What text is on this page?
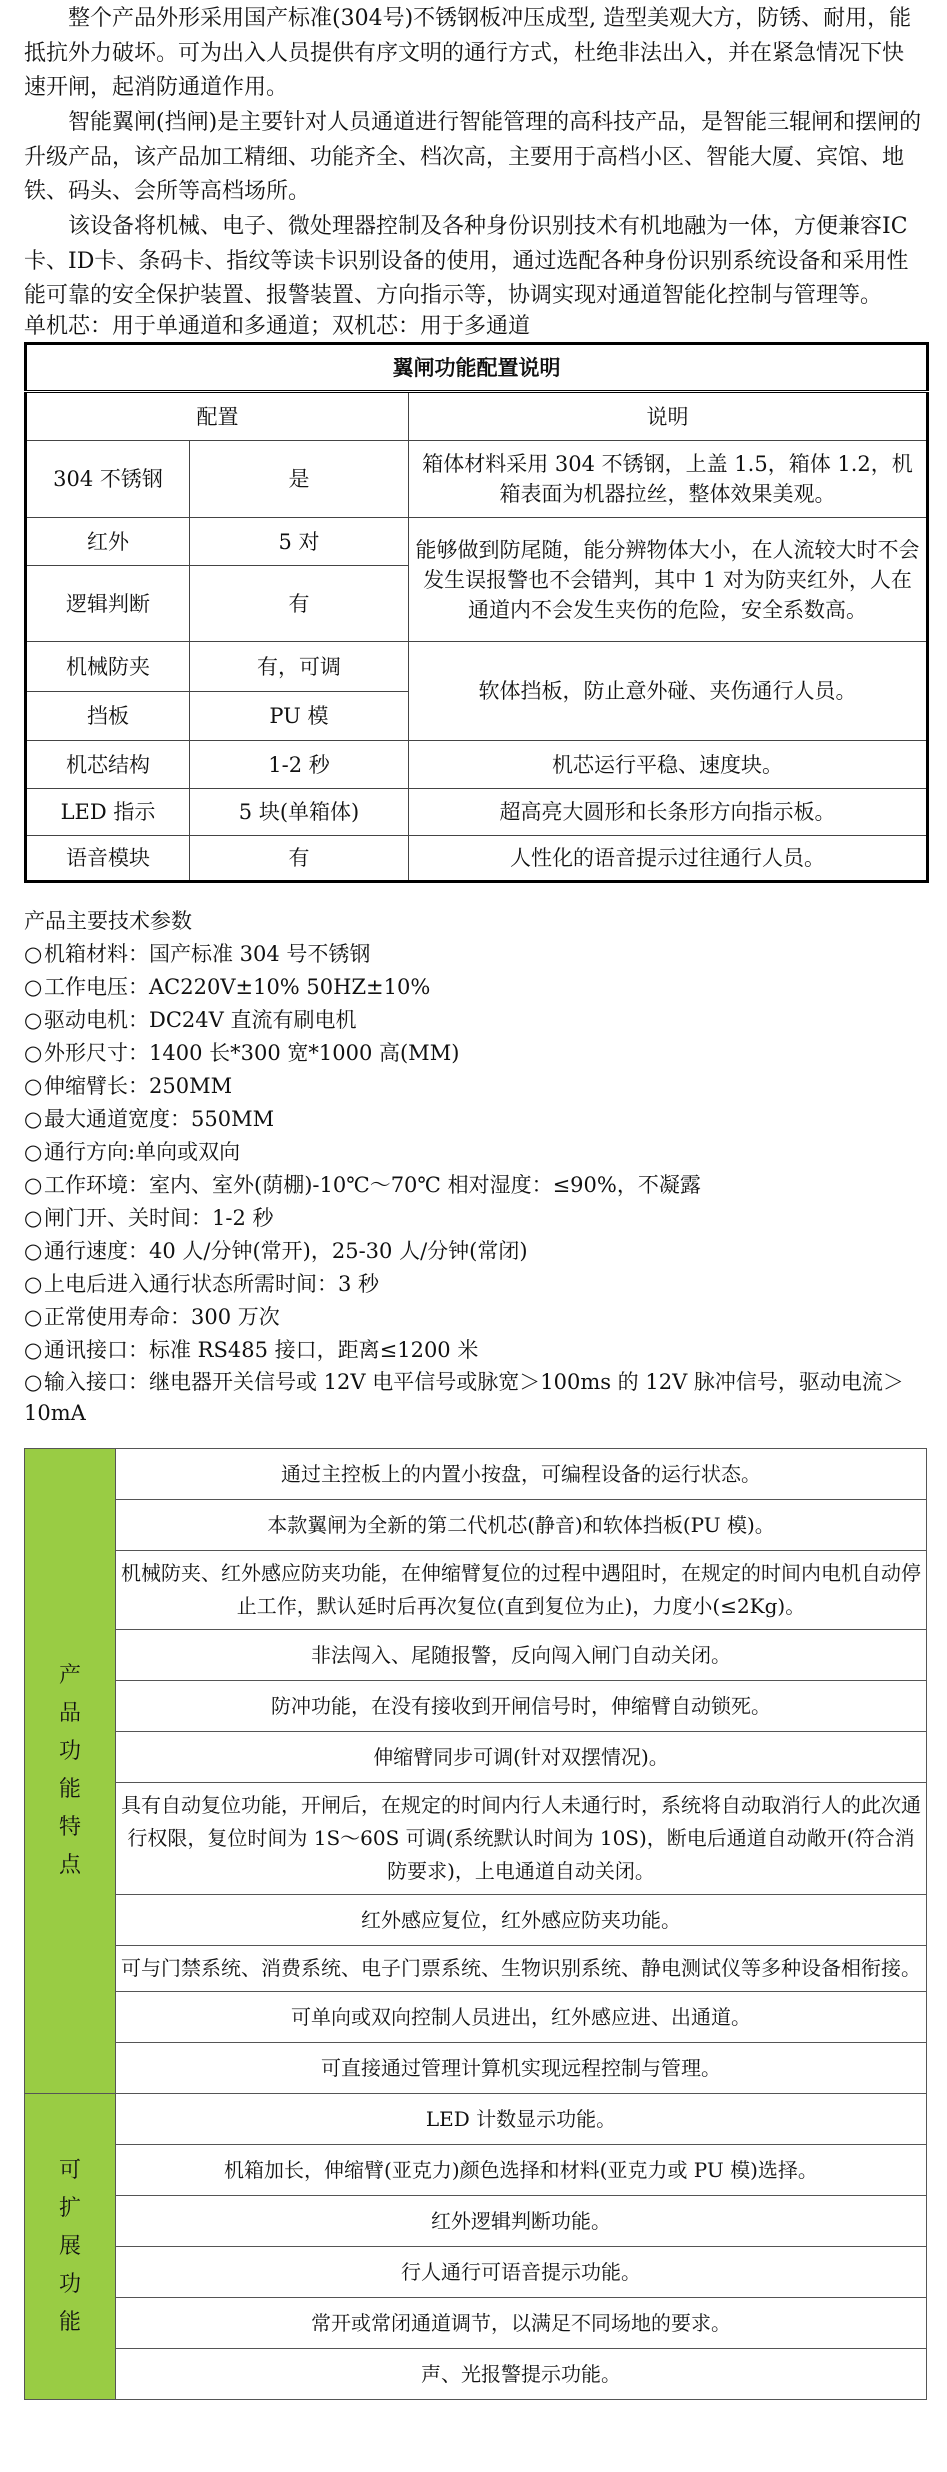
整个产品外形采用国产标准(304号)不锈钢板冲压成型, 造型美观大方，防锈、耐用，能抵抗外力破坏。可为出入人员提供有序文明的通行方式，杜绝非法出入，并在紧急情况下快速开闸，起消防通道作用。

智能翼闸(挡闸)是主要针对人员通道进行智能管理的高科技产品，是智能三辊闸和摆闸的升级产品，该产品加工精细、功能齐全、档次高，主要用于高档小区、智能大厦、宾馆、地铁、码头、会所等高档场所。

该设备将机械、电子、微处理器控制及各种身份识别技术有机地融为一体，方便兼容IC卡、ID卡、条码卡、指纹等读卡识别设备的使用，通过选配各种身份识别系统设备和采用性能可靠的安全保护装置、报警装置、方向指示等，协调实现对通道智能化控制与管理等。

单机芯：用于单通道和多通道；双机芯：用于多通道
翼闸功能配置说明		
配置		说明
304 不锈钢	是	箱体材料采用 304 不锈钢，上盖 1.5，箱体 1.2，机箱表面为机器拉丝，整体效果美观。
红外	5 对	能够做到防尾随，能分辨物体大小，在人流较大时不会发生误报警也不会错判，其中 1 对为防夹红外，人在通道内不会发生夹伤的危险，安全系数高。
逻辑判断	有	
机械防夹	有，可调	软体挡板，防止意外碰、夹伤通行人员。
挡板	PU 模	
机芯结构	1-2 秒	机芯运行平稳、速度块。
LED 指示	5 块(单箱体)	超高亮大圆形和长条形方向指示板。
语音模块	有	人性化的语音提示过往通行人员。
产品主要技术参数
○机箱材料：国产标准 304 号不锈钢
○工作电压：AC220V±10% 50HZ±10%
○驱动电机：DC24V 直流有刷电机
○外形尺寸：1400 长*300 宽*1000 高(MM)
○伸缩臂长：250MM
○最大通道宽度：550MM
○通行方向:单向或双向
○工作环境：室内、室外(荫棚)-10℃～70℃ 相对湿度：≤90%，不凝露
○闸门开、关时间：1-2 秒
○通行速度：40 人/分钟(常开)，25-30 人/分钟(常闭)
○上电后进入通行状态所需时间：3 秒
○正常使用寿命：300 万次
○通讯接口：标准 RS485 接口，距离≤1200 米
○输入接口：继电器开关信号或 12V 电平信号或脉宽＞100ms 的 12V 脉冲信号，驱动电流＞10mA
产品功能特点	通过主控板上的内置小按盘，可编程设备的运行状态。
	本款翼闸为全新的第二代机芯(静音)和软体挡板(PU 模)。
	机械防夹、红外感应防夹功能，在伸缩臂复位的过程中遇阻时，在规定的时间内电机自动停止工作，默认延时后再次复位(直到复位为止)，力度小(≤2Kg)。
	非法闯入、尾随报警，反向闯入闸门自动关闭。
	防冲功能，在没有接收到开闸信号时，伸缩臂自动锁死。
	伸缩臂同步可调(针对双摆情况)。
	具有自动复位功能，开闸后，在规定的时间内行人未通行时，系统将自动取消行人的此次通行权限，复位时间为 1S～60S 可调(系统默认时间为 10S)，断电后通道自动敞开(符合消防要求)，上电通道自动关闭。
	红外感应复位，红外感应防夹功能。
	可与门禁系统、消费系统、电子门票系统、生物识别系统、静电测试仪等多种设备相衔接。
	可单向或双向控制人员进出，红外感应进、出通道。
	可直接通过管理计算机实现远程控制与管理。
可扩展功能	LED 计数显示功能。
	机箱加长，伸缩臂(亚克力)颜色选择和材料(亚克力或 PU 模)选择。
	红外逻辑判断功能。
	行人通行可语音提示功能。
	常开或常闭通道调节，以满足不同场地的要求。
	声、光报警提示功能。
